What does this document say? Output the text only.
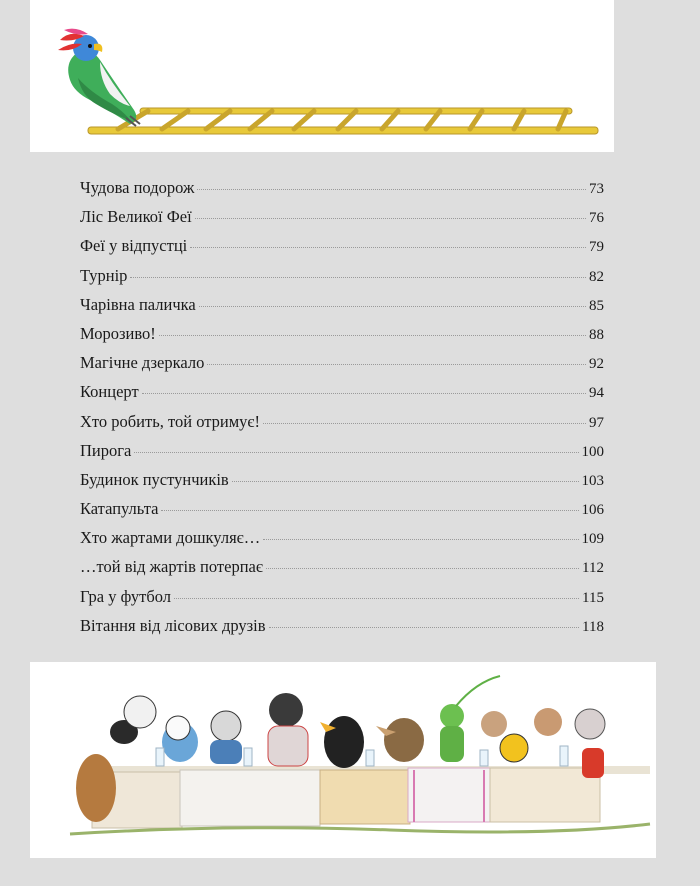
Чудова подорож	73
Ліс Великої Феї	76
Феї у відпустці	79
Турнір	82
Чарівна паличка	85
Морозиво!	88
Магічне дзеркало	92
Концерт	94
Хто робить, той отримує!	97
Пирога	100
Будинок пустунчиків	103
Катапульта	106
Хто жартами дошкуляє…	109
…той від жартів потерпає	112
Гра у футбол	115
Вітання від лісових друзів	118
